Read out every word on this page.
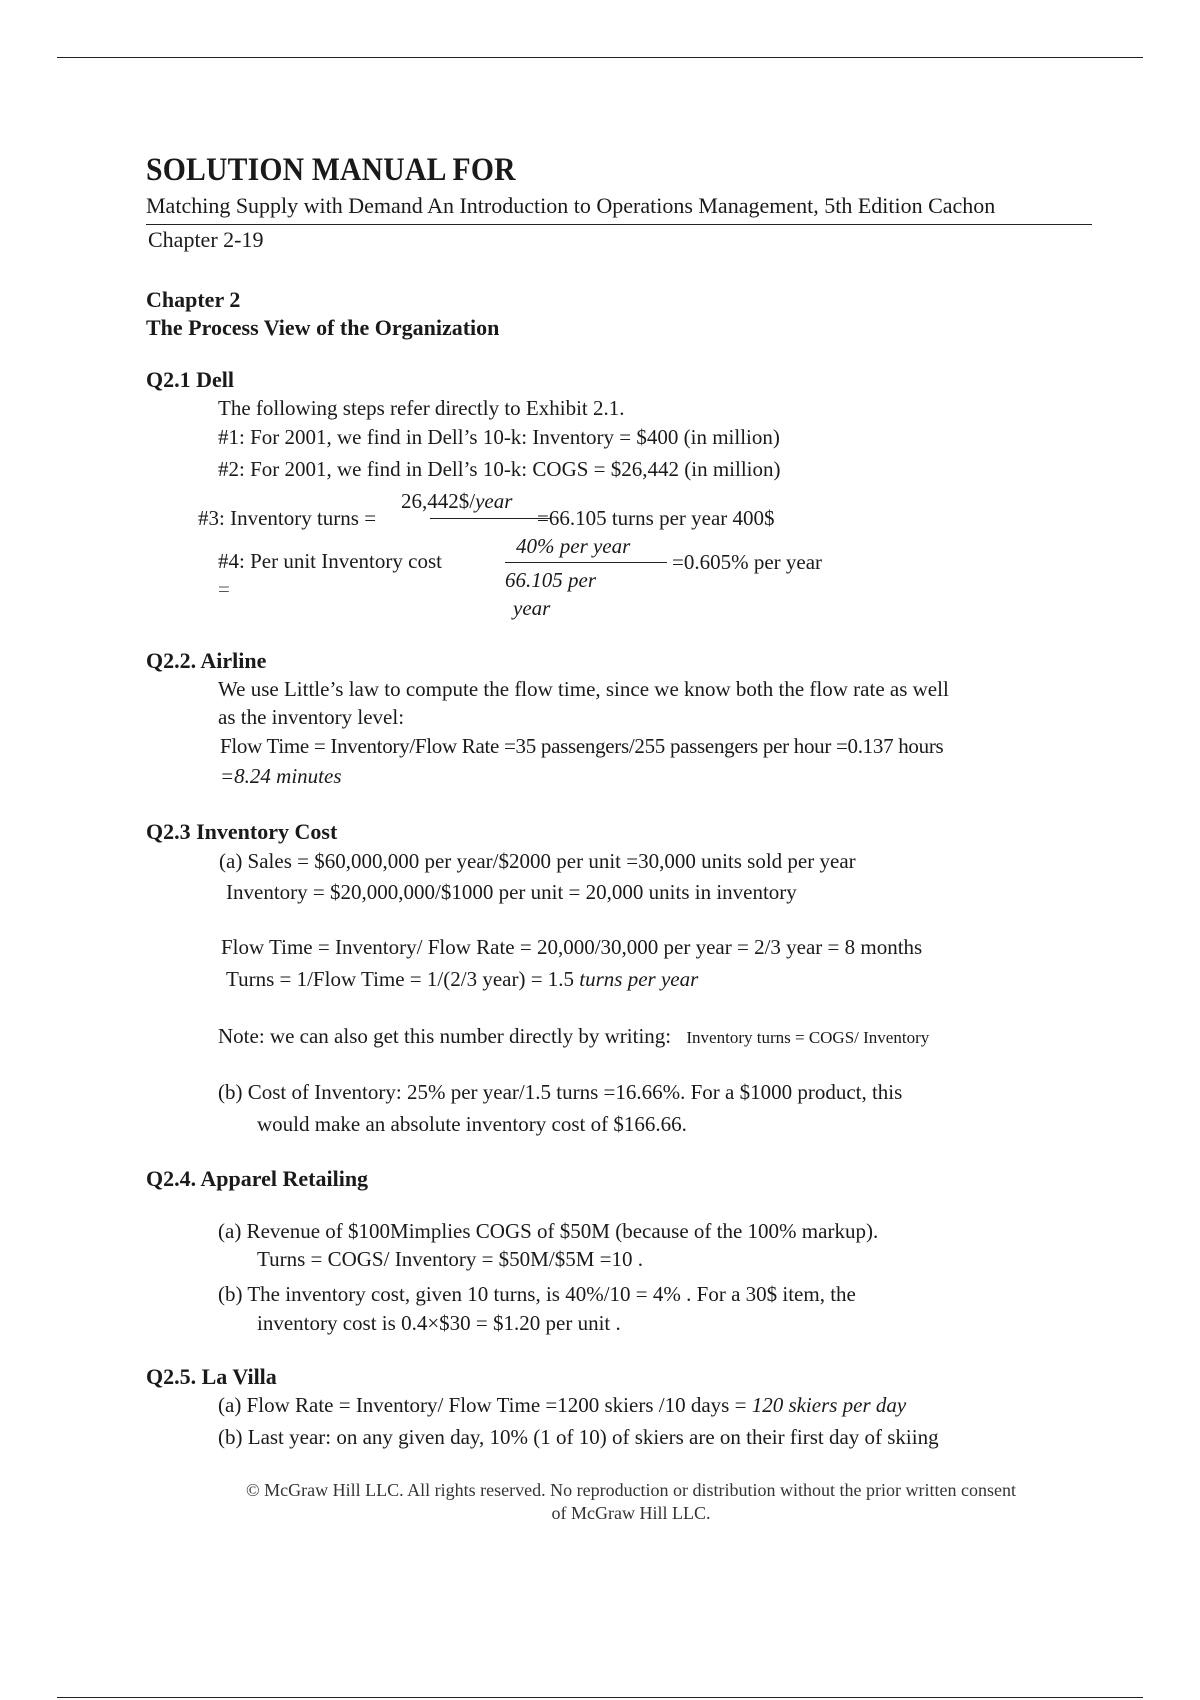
SOLUTION MANUAL FOR
Matching Supply with Demand An Introduction to Operations Management, 5th Edition Cachon
Chapter 2-19
Chapter 2
The Process View of the Organization
Q2.1 Dell
The following steps refer directly to Exhibit 2.1.
#1: For 2001, we find in Dell’s 10-k: Inventory = $400 (in million)
#2: For 2001, we find in Dell’s 10-k: COGS = $26,442 (in million)
#3: Inventory turns =
26,442$/year
=66.105 turns per year 400$
#4: Per unit Inventory cost
=
40% per year
66.105 per
year
=0.605% per year
Q2.2. Airline
We use Little’s law to compute the flow time, since we know both the flow rate as well
as the inventory level:
Flow Time = Inventory/Flow Rate =35 passengers/255 passengers per hour =0.137 hours
=8.24 minutes
Q2.3 Inventory Cost
(a) Sales = $60,000,000 per year/$2000 per unit =30,000 units sold per year
Inventory = $20,000,000/$1000 per unit = 20,000 units in inventory
Flow Time = Inventory/ Flow Rate = 20,000/30,000 per year = 2/3 year = 8 months
Turns = 1/Flow Time = 1/(2/3 year) = 1.5 turns per year
Note: we can also get this number directly by writing: Inventory turns = COGS/ Inventory
(b) Cost of Inventory: 25% per year/1.5 turns =16.66%. For a $1000 product, this
would make an absolute inventory cost of $166.66.
Q2.4. Apparel Retailing
(a) Revenue of $100Mimplies COGS of $50M (because of the 100% markup).
Turns = COGS/ Inventory = $50M/$5M =10 .
(b) The inventory cost, given 10 turns, is 40%/10 = 4% . For a 30$ item, the
inventory cost is 0.4×$30 = $1.20 per unit .
Q2.5. La Villa
(a) Flow Rate = Inventory/ Flow Time =1200 skiers /10 days = 120 skiers per day
(b) Last year: on any given day, 10% (1 of 10) of skiers are on their first day of skiing
© McGraw Hill LLC. All rights reserved. No reproduction or distribution without the prior written consent
of McGraw Hill LLC.
